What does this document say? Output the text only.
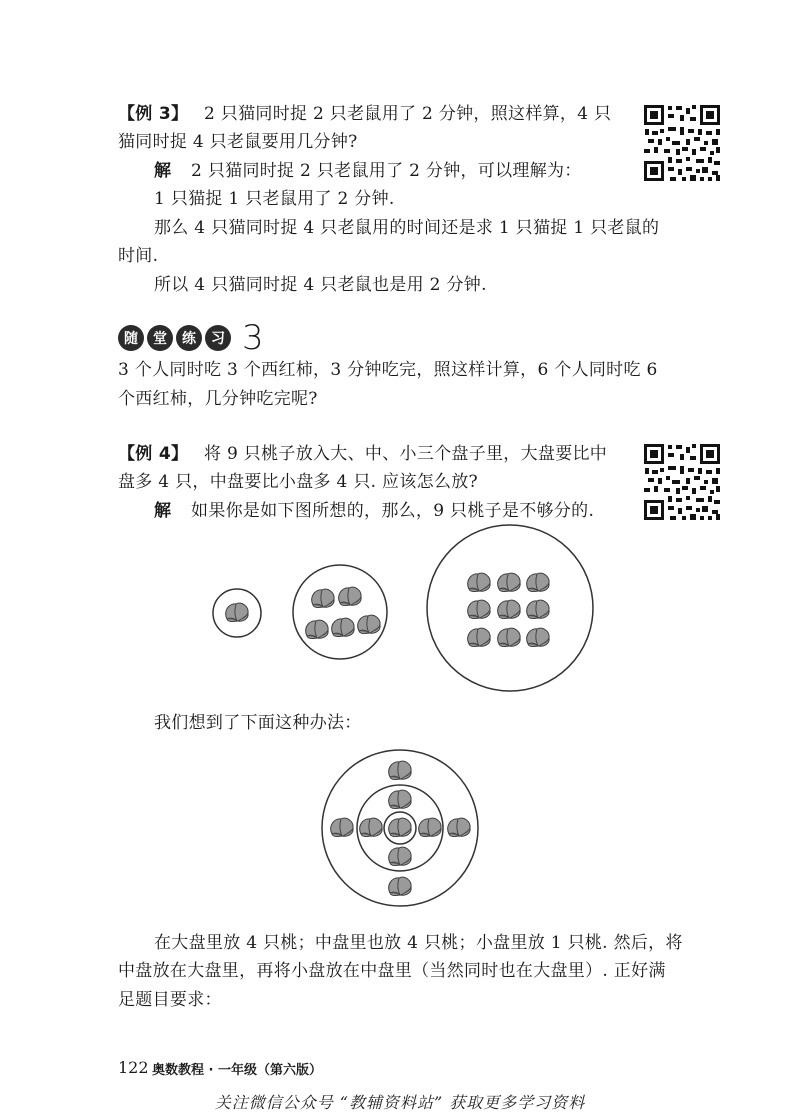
【例 3】 2 只猫同时捉 2 只老鼠用了 2 分钟，照这样算，4 只
猫同时捉 4 只老鼠要用几分钟?
解 2 只猫同时捉 2 只老鼠用了 2 分钟，可以理解为：
1 只猫捉 1 只老鼠用了 2 分钟.
那么 4 只猫同时捉 4 只老鼠用的时间还是求 1 只猫捉 1 只老鼠的
时间.
所以 4 只猫同时捉 4 只老鼠也是用 2 分钟.
随	堂	练	习 3
3 个人同时吃 3 个西红柿，3 分钟吃完，照这样计算，6 个人同时吃 6
个西红柿，几分钟吃完呢?
【例 4】 将 9 只桃子放入大、中、小三个盘子里，大盘要比中
盘多 4 只，中盘要比小盘多 4 只. 应该怎么放?
解 如果你是如下图所想的，那么，9 只桃子是不够分的.
我们想到了下面这种办法：
在大盘里放 4 只桃；中盘里也放 4 只桃；小盘里放 1 只桃. 然后，将
中盘放在大盘里，再将小盘放在中盘里（当然同时也在大盘里）. 正好满
足题目要求：
122 奥数教程 · 一年级（第六版）
关注微信公众号 “教辅资料站” 获取更多学习资料
